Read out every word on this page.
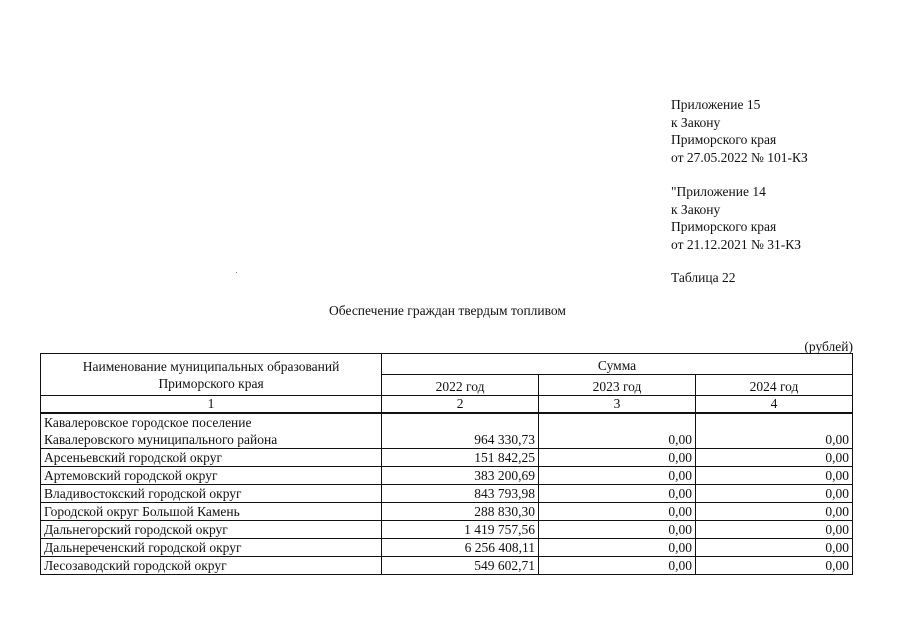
Приложение 15
к Закону
Приморского края
от 27.05.2022 № 101-КЗ
"Приложение 14
к Закону
Приморского края
от 21.12.2021 № 31-КЗ
Таблица 22
Обеспечение граждан твердым топливом
(рублей)
Наименование муниципальных образований
Приморского края	Сумма		
	2022 год	2023 год	2024 год
1	2	3	4

Кавалеровское городское поселение
Кавалеровского муниципального района	964 330,73	0,00	0,00
Арсеньевский городской округ	151 842,25	0,00	0,00
Артемовский городской округ	383 200,69	0,00	0,00
Владивостокский городской округ	843 793,98	0,00	0,00
Городской округ Большой Камень	288 830,30	0,00	0,00
Дальнегорский городской округ	1 419 757,56	0,00	0,00
Дальнереченский городской округ	6 256 408,11	0,00	0,00
Лесозаводский городской округ	549 602,71	0,00	0,00
